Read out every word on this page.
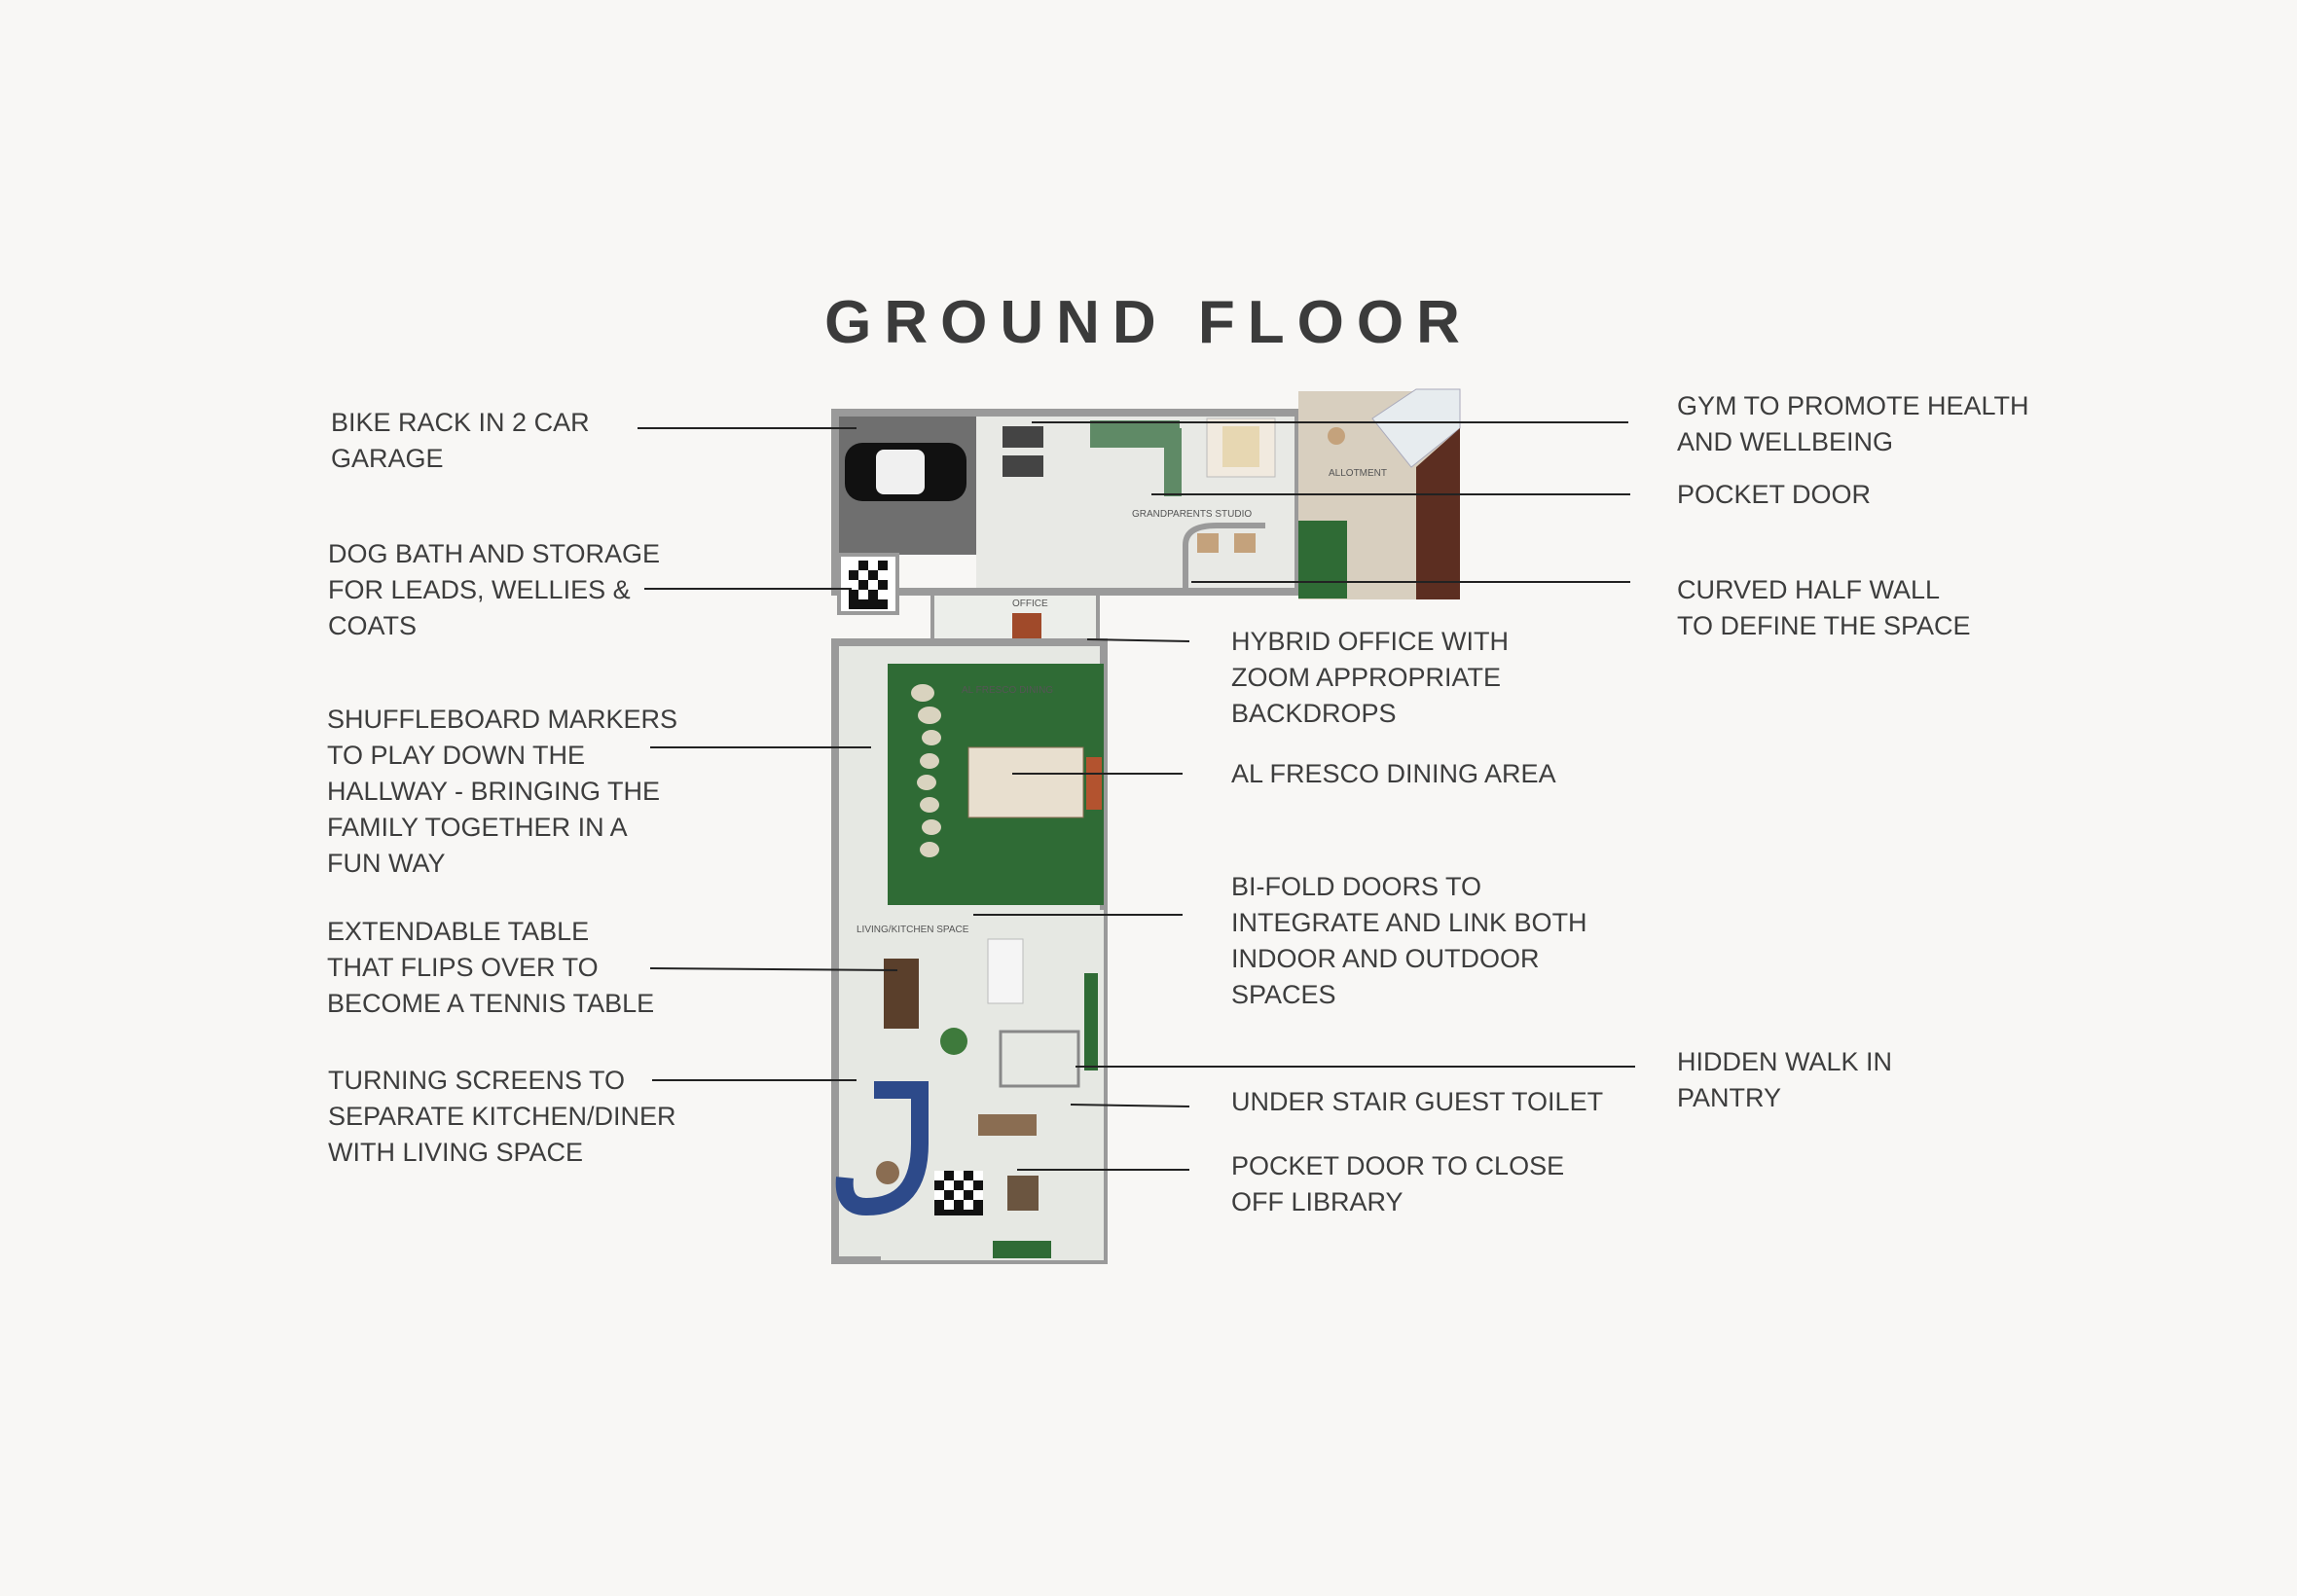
GROUND FLOOR
GRANDPARENTS STUDIO
ALLOTMENT
OFFICE
AL FRESCO DINING
LIVING/KITCHEN SPACE
BIKE RACK IN 2 CAR
GARAGE
DOG BATH AND STORAGE
FOR LEADS, WELLIES &
COATS
SHUFFLEBOARD MARKERS
TO PLAY DOWN THE
HALLWAY - BRINGING THE
FAMILY TOGETHER IN A
FUN WAY
EXTENDABLE TABLE
THAT FLIPS OVER TO
BECOME A TENNIS TABLE
TURNING SCREENS TO
SEPARATE KITCHEN/DINER
WITH LIVING SPACE
HYBRID OFFICE WITH
ZOOM APPROPRIATE
BACKDROPS
AL FRESCO DINING AREA
BI-FOLD DOORS TO
INTEGRATE AND LINK BOTH
INDOOR AND OUTDOOR
SPACES
UNDER STAIR GUEST TOILET
POCKET DOOR TO CLOSE
OFF LIBRARY
GYM TO PROMOTE HEALTH
AND WELLBEING
POCKET DOOR
CURVED HALF WALL
TO DEFINE THE SPACE
HIDDEN WALK IN
PANTRY
